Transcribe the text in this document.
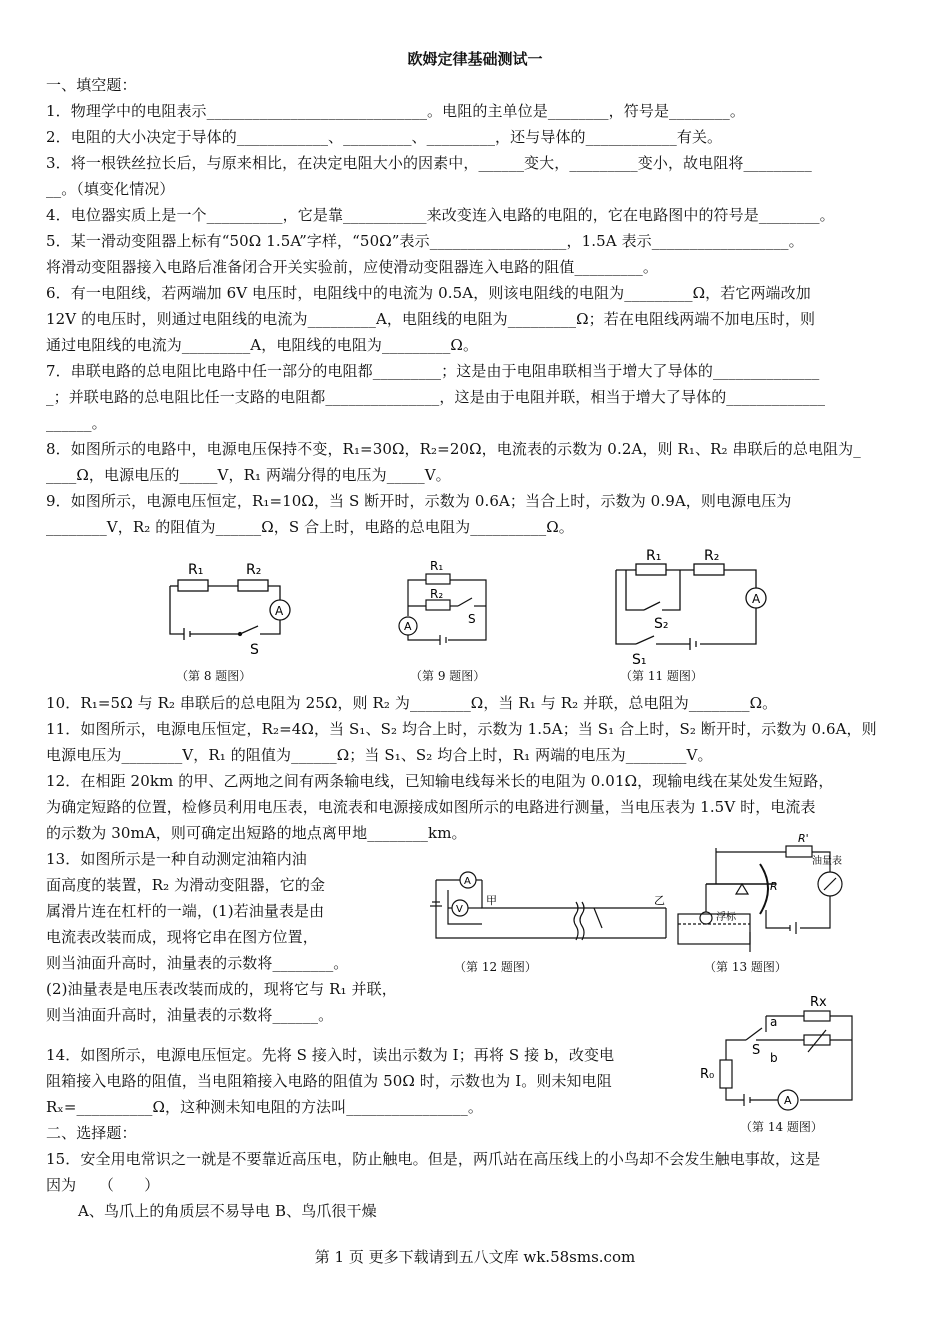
欧姆定律基础测试一
一、填空题：
1．物理学中的电阻表示_____________________________。电阻的主单位是________，符号是________。
2．电阻的大小决定于导体的____________、_________、_________，还与导体的____________有关。
3．将一根铁丝拉长后，与原来相比，在决定电阻大小的因素中，______变大，_________变小，故电阻将_________
__。（填变化情况）
4．电位器实质上是一个__________，它是靠___________来改变连入电路的电阻的，它在电路图中的符号是________。
5．某一滑动变阻器上标有“50Ω 1.5A”字样，“50Ω”表示__________________，1.5A 表示__________________。
将滑动变阻器接入电路后准备闭合开关实验前，应使滑动变阻器连入电路的阻值_________。
6．有一电阻线，若两端加 6V 电压时，电阻线中的电流为 0.5A，则该电阻线的电阻为_________Ω，若它两端改加
12V 的电压时，则通过电阻线的电流为_________A，电阻线的电阻为_________Ω；若在电阻线两端不加电压时，则
通过电阻线的电流为_________A，电阻线的电阻为_________Ω。
7．串联电路的总电阻比电路中任一部分的电阻都_________；这是由于电阻串联相当于增大了导体的______________
_；并联电路的总电阻比任一支路的电阻都_______________，这是由于电阻并联，相当于增大了导体的_____________
______。
8．如图所示的电路中，电源电压保持不变，R₁=30Ω，R₂=20Ω，电流表的示数为 0.2A，则 R₁、R₂ 串联后的总电阻为_
____Ω，电源电压的_____V，R₁ 两端分得的电压为_____V。
9．如图所示，电源电压恒定，R₁=10Ω，当 S 断开时，示数为 0.6A；当合上时，示数为 0.9A，则电源电压为
________V，R₂ 的阻值为______Ω，S 合上时，电路的总电阻为__________Ω。
R₁	R₂
A
S
（第 8 题图）
R₁
R₂
A
S
（第 9 题图）
R₁	R₂
A
S₂
S₁
（第 11 题图）
10．R₁=5Ω 与 R₂ 串联后的总电阻为 25Ω，则 R₂ 为________Ω，当 R₁ 与 R₂ 并联，总电阻为________Ω。
11．如图所示，电源电压恒定，R₂=4Ω，当 S₁、S₂ 均合上时，示数为 1.5A；当 S₁ 合上时，S₂ 断开时，示数为 0.6A，则
电源电压为________V，R₁ 的阻值为______Ω；当 S₁、S₂ 均合上时，R₁ 两端的电压为________V。
12．在相距 20km 的甲、乙两地之间有两条输电线，已知输电线每米长的电阻为 0.01Ω，现输电线在某处发生短路，
为确定短路的位置，检修员利用电压表，电流表和电源接成如图所示的电路进行测量，当电压表为 1.5V 时，电流表
的示数为 30mA，则可确定出短路的地点离甲地________km。
13．如图所示是一种自动测定油箱内油
面高度的装置，R₂ 为滑动变阻器，它的金
属滑片连在杠杆的一端，(1)若油量表是由
电流表改装而成，现将它串在图方位置，
则当油面升高时，油量表的示数将________。
(2)油量表是电压表改装而成的，现将它与 R₁ 并联，
则当油面升高时，油量表的示数将______。
A
V
甲	乙
（第 12 题图）
R'
R
油量表
浮标
（第 13 题图）
14．如图所示，电源电压恒定。先将 S 接入时，读出示数为 I；再将 S 接 b，改变电
阻箱接入电路的阻值，当电阻箱接入电路的阻值为 50Ω 时，示数也为 I。则未知电阻
Rₓ=__________Ω，这种测未知电阻的方法叫________________。
二、选择题：
15．安全用电常识之一就是不要靠近高压电，防止触电。但是，两爪站在高压线上的小鸟却不会发生触电事故，这是
因为　　（　　）
A、鸟爪上的角质层不易导电 B、鸟爪很干燥
Rx
a
b
S
R₀
A
（第 14 题图）
第 1 页 更多下载请到五八文库 wk.58sms.com
